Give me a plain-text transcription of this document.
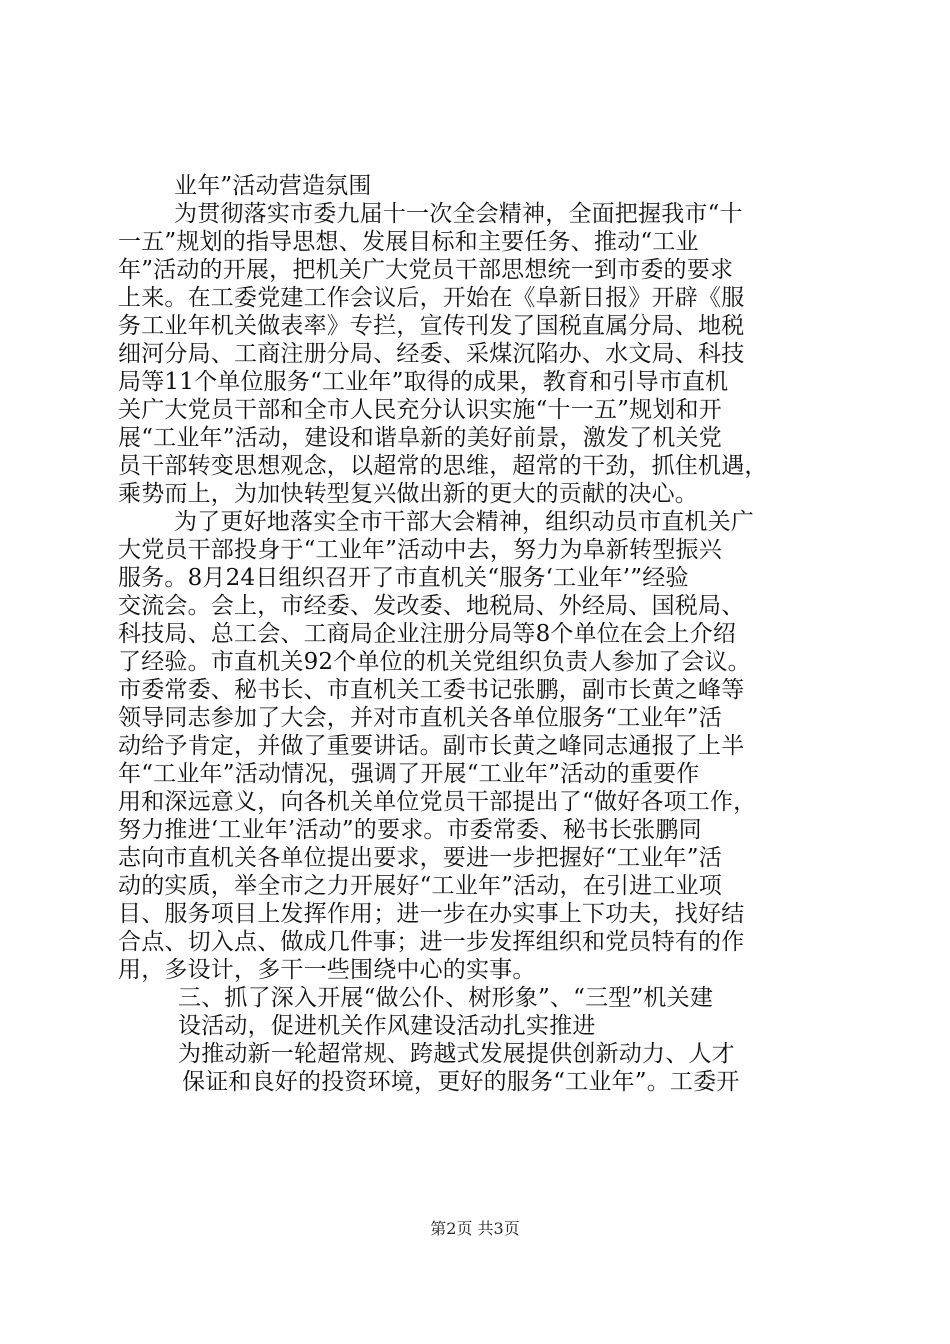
业年”活动营造氛围
为贯彻落实市委九届十一次全会精神，全面把握我市“十
一五”规划的指导思想、发展目标和主要任务、推动“工业
年”活动的开展，把机关广大党员干部思想统一到市委的要求
上来。在工委党建工作会议后，开始在《阜新日报》开辟《服
务工业年机关做表率》专拦，宣传刊发了国税直属分局、地税
细河分局、工商注册分局、经委、采煤沉陷办、水文局、科技
局等11个单位服务“工业年”取得的成果，教育和引导市直机
关广大党员干部和全市人民充分认识实施“十一五”规划和开
展“工业年”活动，建设和谐阜新的美好前景，激发了机关党
员干部转变思想观念，以超常的思维，超常的干劲，抓住机遇，
乘势而上，为加快转型复兴做出新的更大的贡献的决心。
为了更好地落实全市干部大会精神，组织动员市直机关广
大党员干部投身于“工业年”活动中去，努力为阜新转型振兴
服务。8月24日组织召开了市直机关“服务‘工业年’”经验
交流会。会上，市经委、发改委、地税局、外经局、国税局、
科技局、总工会、工商局企业注册分局等8个单位在会上介绍
了经验。市直机关92个单位的机关党组织负责人参加了会议。
市委常委、秘书长、市直机关工委书记张鹏，副市长黄之峰等
领导同志参加了大会，并对市直机关各单位服务“工业年”活
动给予肯定，并做了重要讲话。副市长黄之峰同志通报了上半
年“工业年”活动情况，强调了开展“工业年”活动的重要作
用和深远意义，向各机关单位党员干部提出了“做好各项工作，
努力推进‘工业年’活动”的要求。市委常委、秘书长张鹏同
志向市直机关各单位提出要求，要进一步把握好“工业年”活
动的实质，举全市之力开展好“工业年”活动，在引进工业项
目、服务项目上发挥作用；进一步在办实事上下功夫，找好结
合点、切入点、做成几件事；进一步发挥组织和党员特有的作
用，多设计，多干一些围绕中心的实事。
三、抓了深入开展“做公仆、树形象”、“三型”机关建
设活动，促进机关作风建设活动扎实推进
为推动新一轮超常规、跨越式发展提供创新动力、人才
保证和良好的投资环境，更好的服务“工业年”。工委开
第2页 共3页
